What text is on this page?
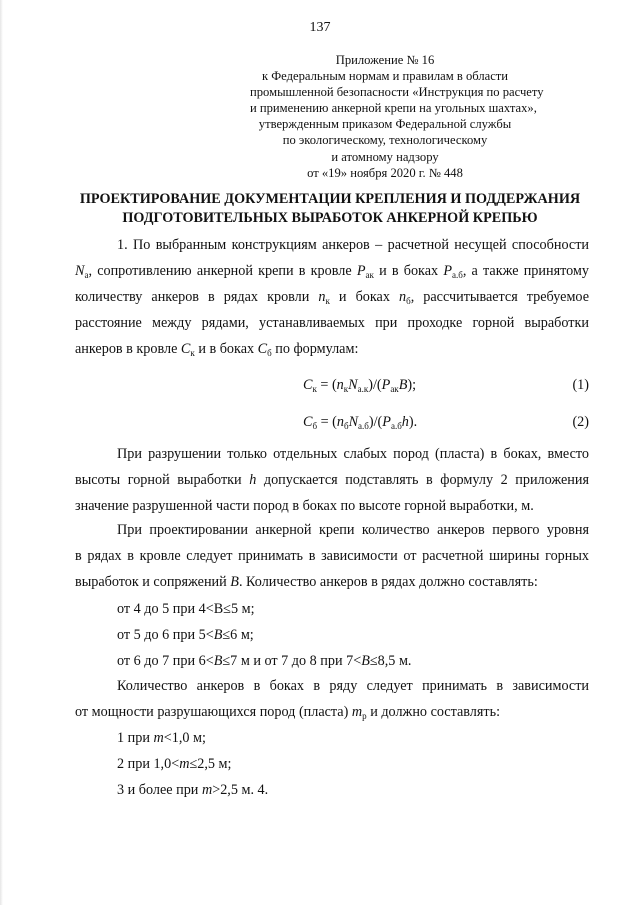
137
Приложение № 16
к Федеральным нормам и правилам в области
промышленной безопасности «Инструкция по расчету
и применению анкерной крепи на угольных шахтах»,
утвержденным приказом Федеральной службы
по экологическому, технологическому
и атомному надзору
от «19» ноября 2020 г. № 448
ПРОЕКТИРОВАНИЕ ДОКУМЕНТАЦИИ КРЕПЛЕНИЯ И ПОДДЕРЖАНИЯ
ПОДГОТОВИТЕЛЬНЫХ ВЫРАБОТОК АНКЕРНОЙ КРЕПЬЮ
1. По выбранным конструкциям анкеров – расчетной несущей способности
$N_а$, сопротивлению анкерной крепи в кровле $P_{ак}$ и в боках $P_{а.б}$, а также принятому
количеству анкеров в рядах кровли $n_к$ и боках $n_б$, рассчитывается требуемое
расстояние между рядами, устанавливаемых при проходке горной выработки
анкеров в кровле $C_к$ и в боках $C_б$ по формулам:
$C_к = (n_кN_{а.к})/(P_{ак}B)$;	(1)
$C_б = (n_бN_{а.б})/(P_{а.б}h)$.	(2)
При разрушении только отдельных слабых пород (пласта) в боках, вместо
высоты горной выработки h допускается подставлять в формулу 2 приложения
значение разрушенной части пород в боках по высоте горной выработки, м.
При проектировании анкерной крепи количество анкеров первого уровня
в рядах в кровле следует принимать в зависимости от расчетной ширины горных
выработок и сопряжений B. Количество анкеров в рядах должно составлять:
от 4 до 5 при 4<B≤5 м;
от 5 до 6 при 5<B≤6 м;
от 6 до 7 при 6<B≤7 м и от 7 до 8 при 7<B≤8,5 м.
Количество анкеров в боках в ряду следует принимать в зависимости
от мощности разрушающихся пород (пласта) $m_р$ и должно составлять:
1 при m<1,0 м;
2 при 1,0<m≤2,5 м;
3 и более при m>2,5 м. 4.
